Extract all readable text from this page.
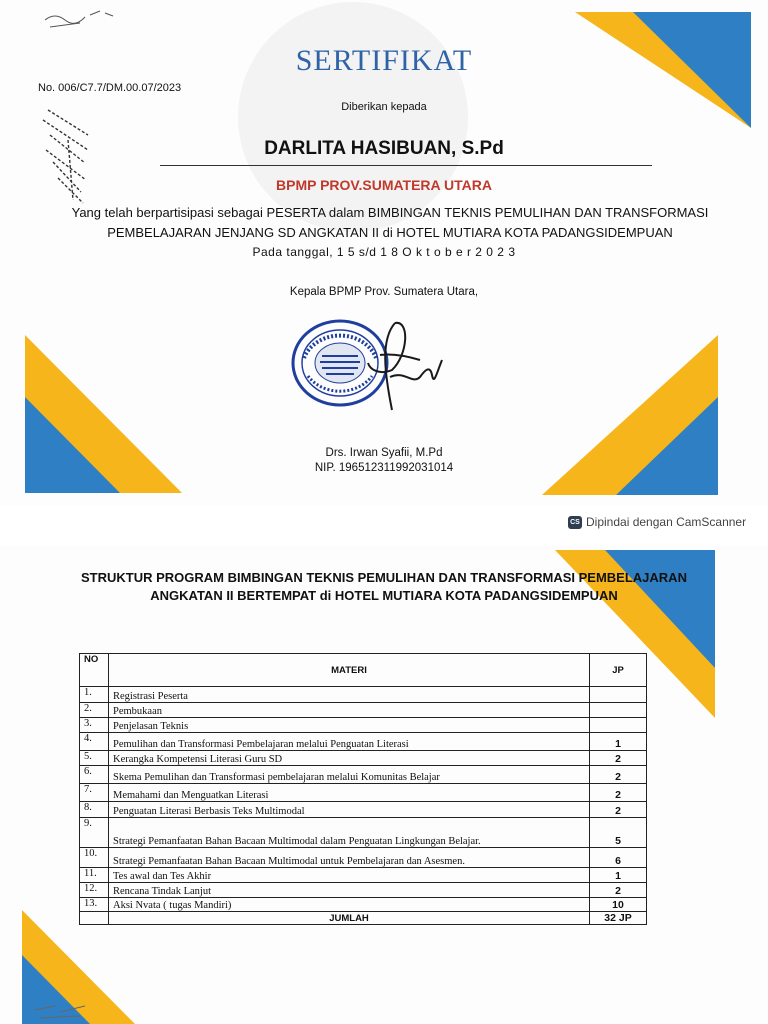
SERTIFIKAT
No. 006/C7.7/DM.00.07/2023
Diberikan kepada
DARLITA HASIBUAN, S.Pd
BPMP PROV.SUMATERA UTARA
Yang telah berpartisipasi sebagai PESERTA dalam BIMBINGAN TEKNIS PEMULIHAN DAN TRANSFORMASI PEMBELAJARAN JENJANG SD ANGKATAN II di HOTEL MUTIARA KOTA PADANGSIDEMPUAN
Pada tanggal, 1 5 s/d 1 8 O k t o b e r 2 0 2 3
Kepala BPMP Prov. Sumatera Utara,
Drs. Irwan Syafii, M.Pd
NIP. 196512311992031014
CS Dipindai dengan CamScanner
STRUKTUR PROGRAM BIMBINGAN TEKNIS PEMULIHAN DAN TRANSFORMASI PEMBELAJARAN
ANGKATAN II BERTEMPAT di HOTEL MUTIARA KOTA PADANGSIDEMPUAN
NO	MATERI	JP
1.	Registrasi Peserta	
2.	Pembukaan	
3.	Penjelasan Teknis	
4.	Pemulihan dan Transformasi Pembelajaran melalui Penguatan Literasi	1
5.	Kerangka Kompetensi Literasi Guru SD	2
6.	Skema Pemulihan dan Transformasi pembelajaran melalui Komunitas Belajar	2
7.	Memahami dan Menguatkan Literasi	2
8.	Penguatan Literasi Berbasis Teks Multimodal	2
9.	Strategi Pemanfaatan Bahan Bacaan Multimodal dalam Penguatan Lingkungan Belajar.	5
10.	Strategi Pemanfaatan Bahan Bacaan Multimodal untuk Pembelajaran dan Asesmen.	6
11.	Tes awal dan Tes Akhir	1
12.	Rencana Tindak Lanjut	2
13.	Aksi Nvata ( tugas Mandiri)	10
	JUMLAH	32 JP
